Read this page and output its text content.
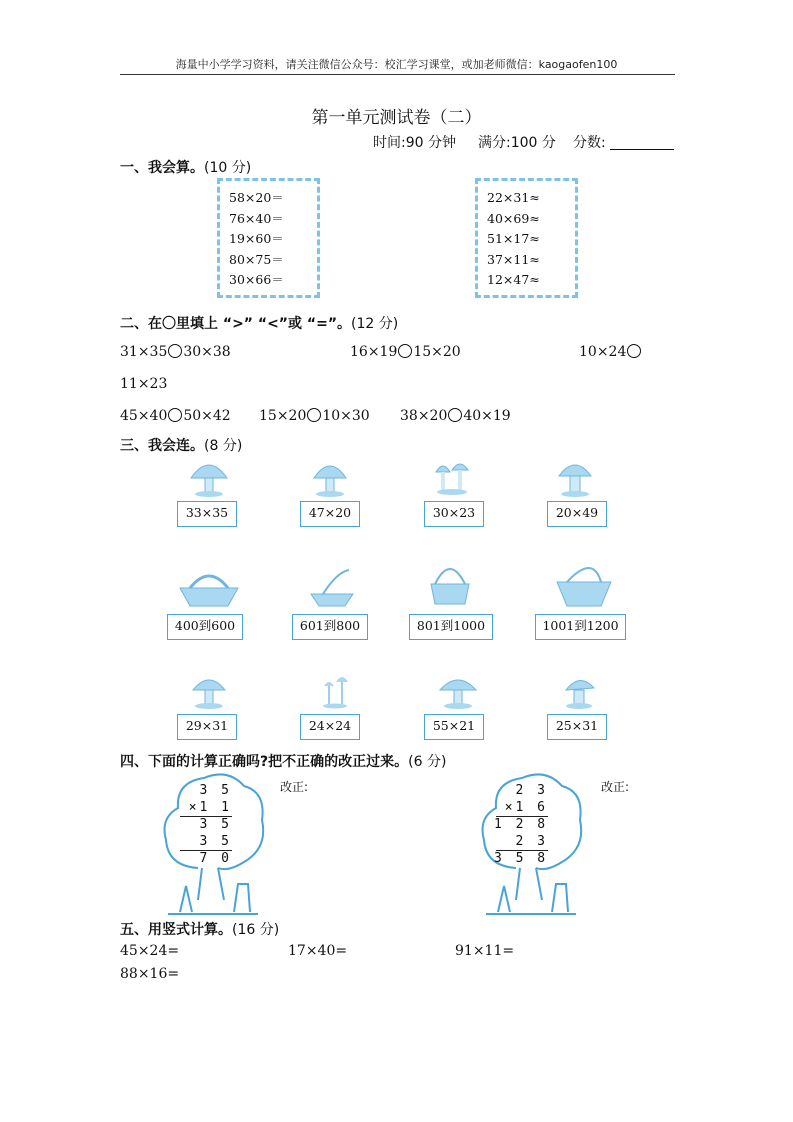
海量中小学学习资料，请关注微信公众号：校汇学习课堂，或加老师微信：kaogaofen100
第一单元测试卷（二）
时间:90 分钟 满分:100 分 分数:
一、我会算。(10 分)
58×20＝
76×40＝
19×60＝
80×75＝
30×66＝
22×31≈
40×69≈
51×17≈
37×11≈
12×47≈
二、在〇里填上 “>” “<”或 “=”。(12 分)
31×35 30×38	16×19 15×20	10×24
11×23
45×40 50×42 15×20 10×30 38×20 40×19
三、我会连。(8 分)
33×35	47×20	30×23	20×49
400到600	601到800	801到1000	1001到1200
29×31	24×24	55×21	25×31
四、下面的计算正确吗?把不正确的改正过来。(6 分)
3 5
×1 1
3 5
3 5
7 0
改正:	2 3
×1 6
1 2 8
2 3
3 5 8
改正:
五、用竖式计算。(16 分)
45×24=	17×40=	91×11=
88×16=
